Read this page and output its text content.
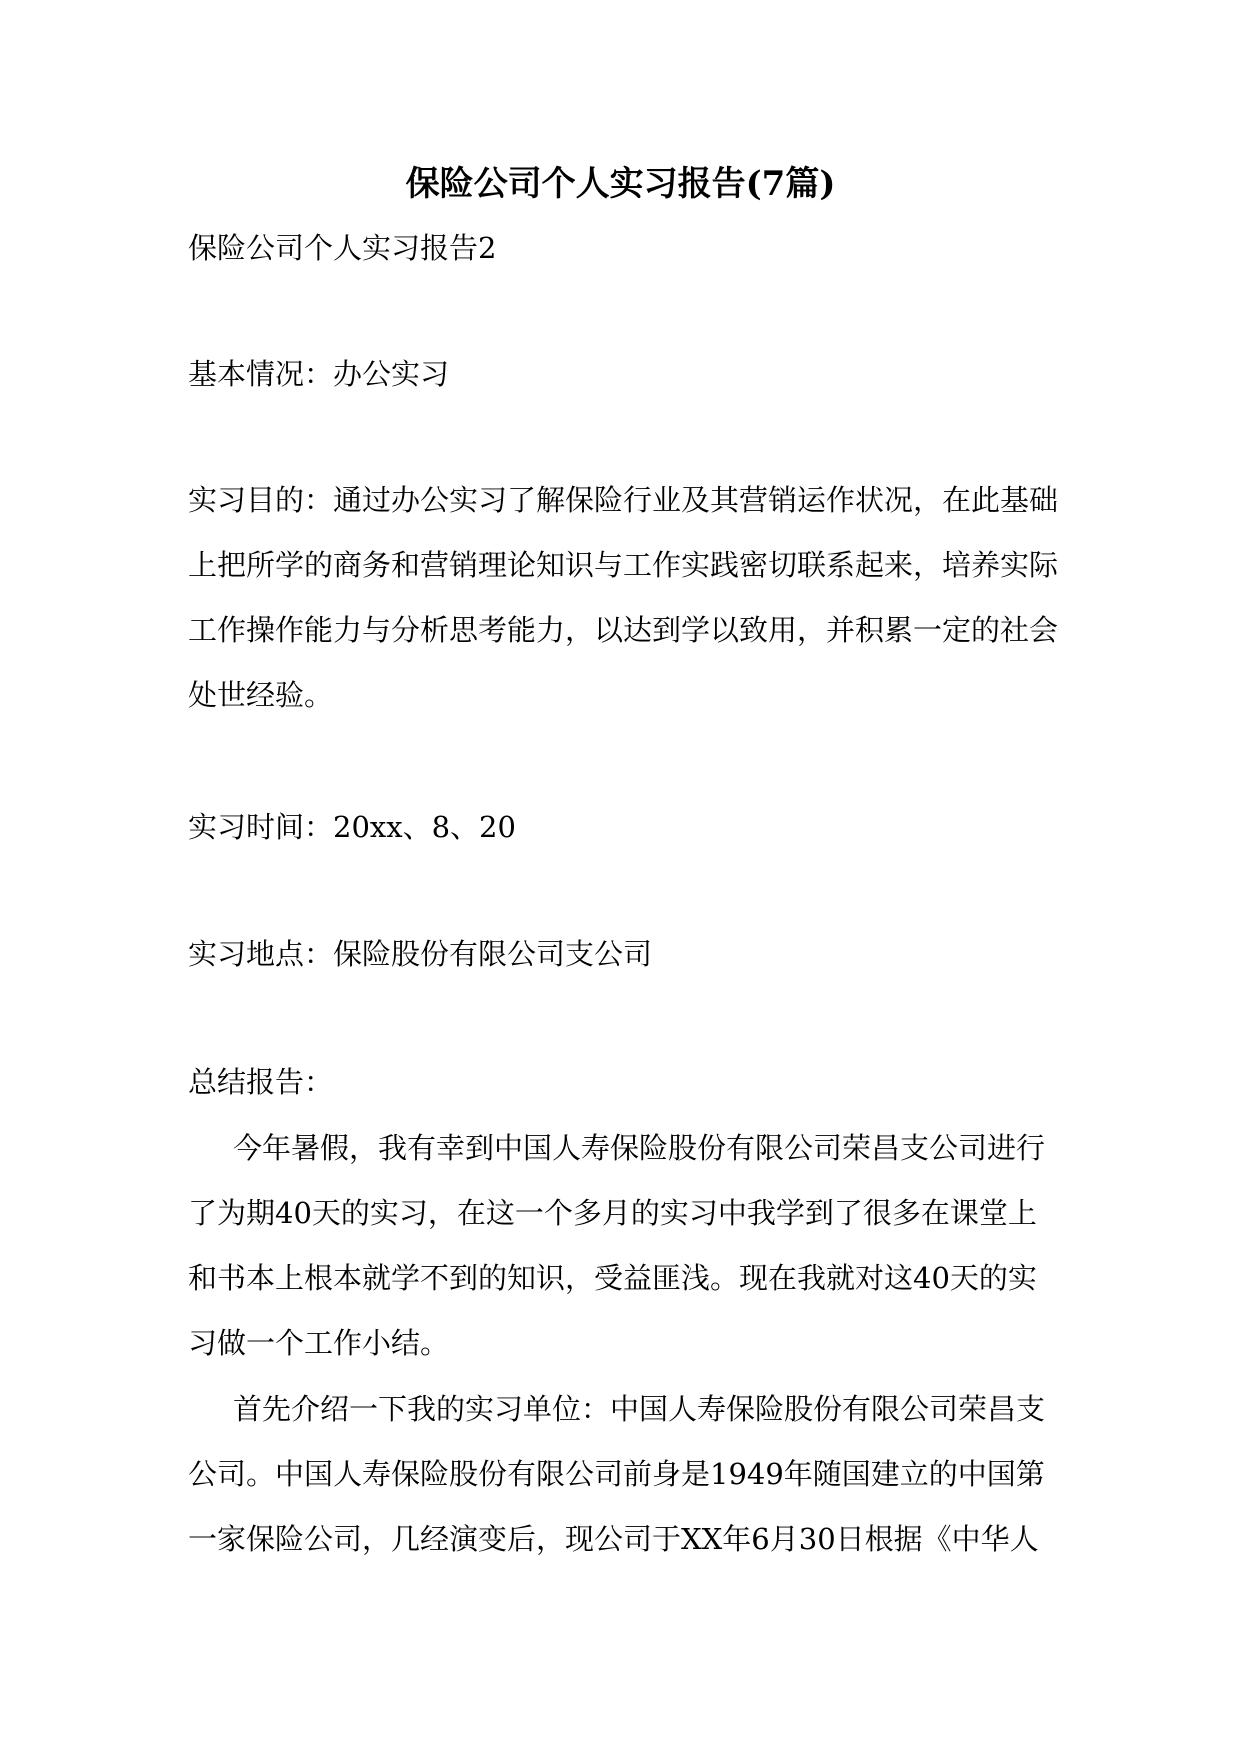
保险公司个人实习报告(7篇)

保险公司个人实习报告2

基本情况：办公实习

实习目的：通过办公实习了解保险行业及其营销运作状况，在此基础

上把所学的商务和营销理论知识与工作实践密切联系起来，培养实际

工作操作能力与分析思考能力，以达到学以致用，并积累一定的社会

处世经验。

实习时间：20xx、8、20

实习地点：保险股份有限公司支公司

总结报告：

今年暑假，我有幸到中国人寿保险股份有限公司荣昌支公司进行

了为期40天的实习，在这一个多月的实习中我学到了很多在课堂上

和书本上根本就学不到的知识，受益匪浅。现在我就对这40天的实

习做一个工作小结。

首先介绍一下我的实习单位：中国人寿保险股份有限公司荣昌支

公司。中国人寿保险股份有限公司前身是1949年随国建立的中国第

一家保险公司，几经演变后，现公司于XX年6月30日根据《中华人
